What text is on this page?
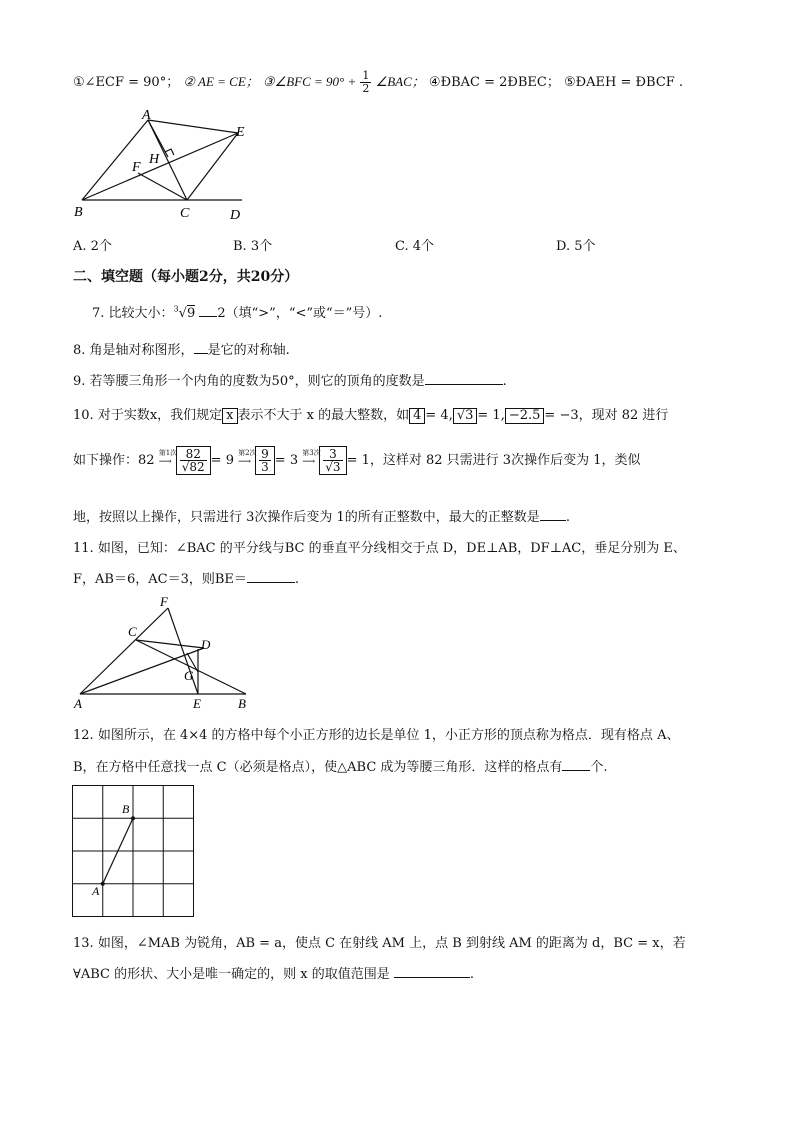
①∠ECF = 90°； ② AE = CE； ③∠BFC = $90^\circ + \frac{1}{2}$ ∠BAC； ④ĐBAC = 2ĐBEC； ⑤ĐAEH = ĐBCF .
A
E
H
F
B	C	D
A. 2个	B. 3个	C. 4个	D. 5个
二、填空题（每小题2分，共20分）
7. 比较大小：$^3$√9 2（填“>”，“<”或“＝”号）.
8. 角是轴对称图形， 是它的对称轴.
9. 若等腰三角形一个内角的度数为50°，则它的顶角的度数是	.
10. 对于实数x，我们规定 x 表示不大于 x 的最大整数，如 4 = 4, √3 = 1, −2.5 = −3，现对 82 进行
如下操作：82 第1次
⟶ $\frac{82}{√82} = 9$ 第2次
⟶ $\frac{9}{3} = 3$ 第3次
⟶ $\frac{3}{√3} = 1$，这样对 82 只需进行 3次操作后变为 1，类似
地，按照以上操作，只需进行 3次操作后变为 1的所有正整数中，最大的正整数是 .
11. 如图，已知：∠BAC 的平分线与BC 的垂直平分线相交于点 D，DE⊥AB，DF⊥AC，垂足分别为 E、
F，AB＝6，AC＝3，则BE＝	.
F
C
D
G
A	E	B
12. 如图所示，在 4×4 的方格中每个小正方形的边长是单位 1，小正方形的顶点称为格点．现有格点 A、
B，在方格中任意找一点 C（必须是格点），使△ABC 成为等腰三角形．这样的格点有 个.
B
A
13. 如图，∠MAB 为锐角，AB = a，使点 C 在射线 AM 上，点 B 到射线 AM 的距离为 d，BC = x，若
∀ABC 的形状、大小是唯一确定的，则 x 的取值范围是	.
